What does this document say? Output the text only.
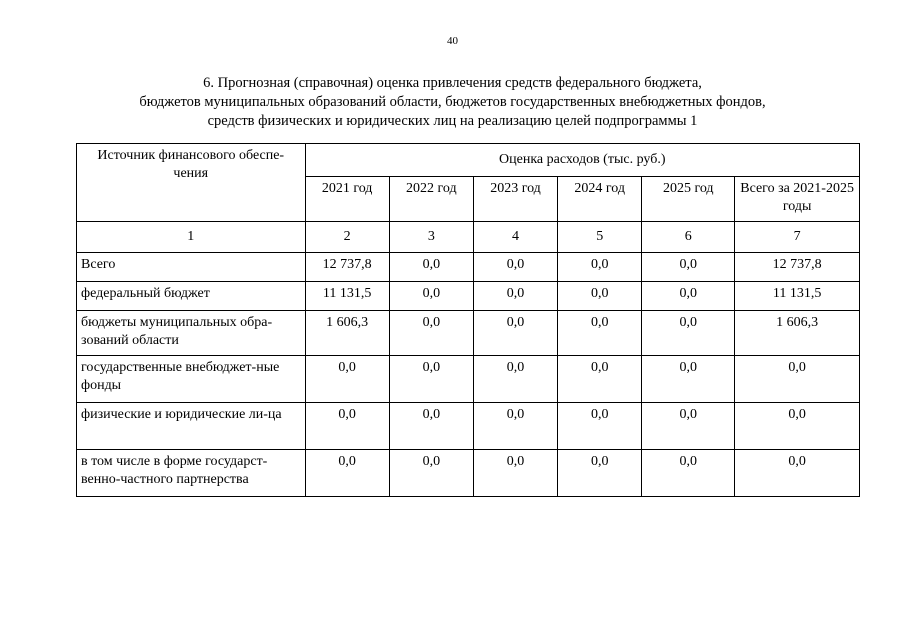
40
6. Прогнозная (справочная) оценка привлечения средств федерального бюджета,
бюджетов муниципальных образований области, бюджетов государственных внебюджетных фондов,
средств физических и юридических лиц на реализацию целей подпрограммы 1
Источник финансового обеспе-чения	Оценка расходов (тыс. руб.)					
	2021 год	2022 год	2023 год	2024 год	2025 год	Всего за 2021-2025 годы
1	2	3	4	5	6	7
Всего	12 737,8	0,0	0,0	0,0	0,0	12 737,8
федеральный бюджет	11 131,5	0,0	0,0	0,0	0,0	11 131,5
бюджеты муниципальных обра-зований области	1 606,3	0,0	0,0	0,0	0,0	1 606,3
государственные внебюджет-ные фонды	0,0	0,0	0,0	0,0	0,0	0,0
физические и юридические ли-ца	0,0	0,0	0,0	0,0	0,0	0,0
в том числе в форме государст-венно-частного партнерства	0,0	0,0	0,0	0,0	0,0	0,0
